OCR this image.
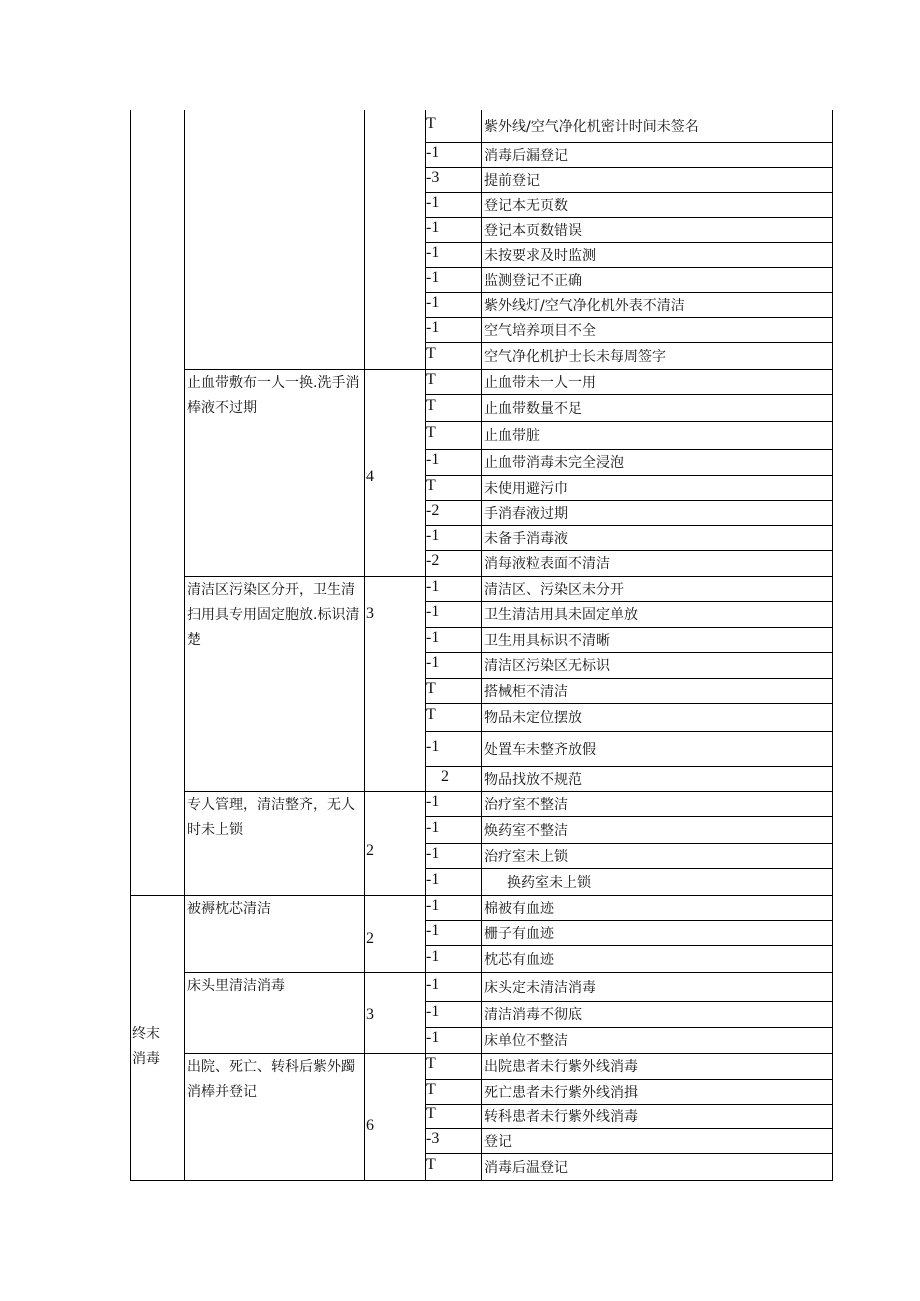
T	紫外线/空气净化机密计时间未签名
-1	消毒后漏登记
-3	提前登记
-1	登记本无页数
-1	登记本页数错误
-1	未按要求及时监测
-1	监测登记不正确
-1	紫外线灯/空气净化机外表不清洁
-1	空气培养项目不全
T	空气净化机护士长未每周签字
止血带敷布一人一换.洗手消棒液不过期
4
T	止血带未一人一用
T	止血带数量不足
T	止血带脏
-1	止血带消毒未完全浸泡
T	未使用避污巾
-2	手消春液过期
-1	未备手消毒液
-2	消每液粒表面不清洁
清洁区污染区分开，卫生清扫用具专用固定胞放.标识清楚
3
-1	清洁区、污染区未分开
-1	卫生清洁用具未固定单放
-1	卫生用具标识不清晰
-1	清洁区污染区无标识
T	搭械柜不清洁
T	物品未定位摆放
-1	处置车未整齐放假
2	物品找放不规范
专人管理，清洁整齐，无人时未上锁
2
-1	治疗室不整洁
-1	焕药室不整洁
-1	治疗室未上锁
-1	换药室未上锁
终末消毒
被褥枕芯清洁
2
-1	棉被有血迹
-1	栅子有血迹
-1	枕芯有血迹
床头里清洁消毒
3
-1	床头定未清洁消毒
-1	清洁消毒不彻底
-1	床单位不整洁
出院、死亡、转科后紫外躅消棒并登记
6
T	出院患者未行紫外线消毒
T	死亡患者未行紫外线消揖
T	转科患者未行紫外线消毒
-3	登记
T	消毒后温登记
